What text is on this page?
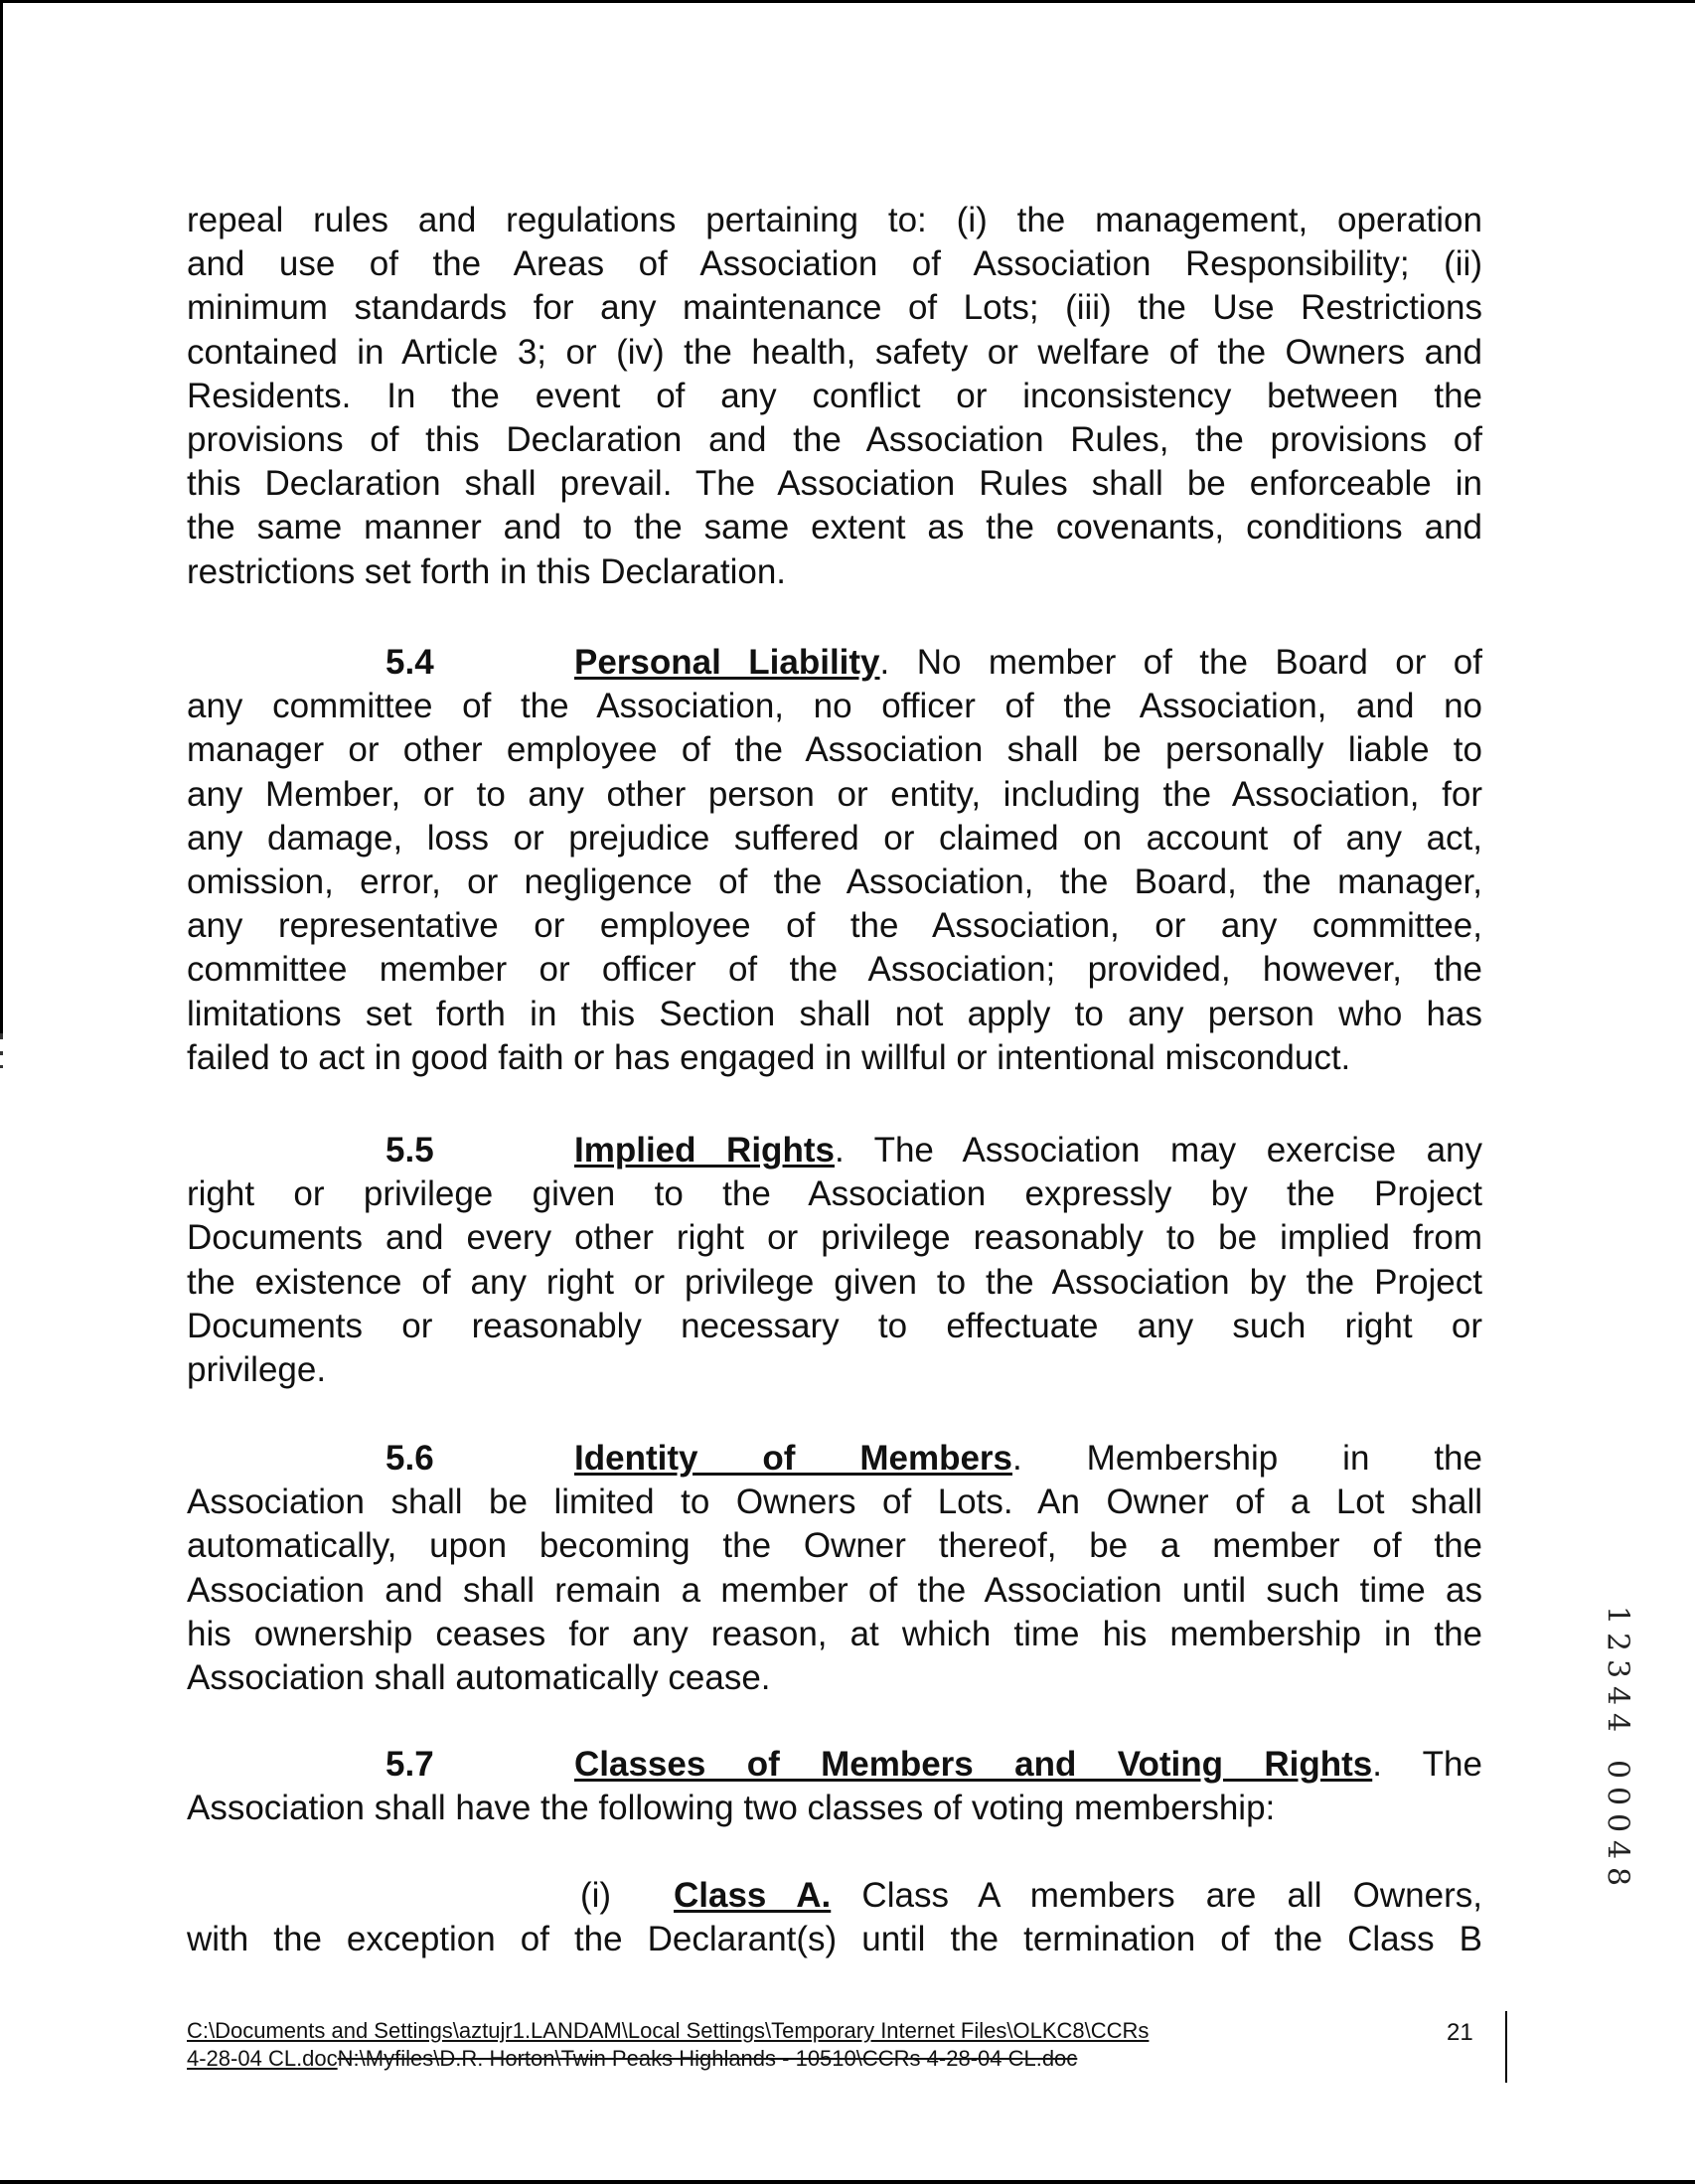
repeal rules and regulations pertaining to: (i) the management, operation
and use of the Areas of Association of Association Responsibility; (ii)
minimum standards for any maintenance of Lots; (iii) the Use Restrictions
contained in Article 3; or (iv) the health, safety or welfare of the Owners and
Residents. In the event of any conflict or inconsistency between the
provisions of this Declaration and the Association Rules, the provisions of
this Declaration shall prevail. The Association Rules shall be enforceable in
the same manner and to the same extent as the covenants, conditions and
restrictions set forth in this Declaration.

5.4	Personal Liability. No member of the Board or of
any committee of the Association, no officer of the Association, and no
manager or other employee of the Association shall be personally liable to
any Member, or to any other person or entity, including the Association, for
any damage, loss or prejudice suffered or claimed on account of any act,
omission, error, or negligence of the Association, the Board, the manager,
any representative or employee of the Association, or any committee,
committee member or officer of the Association; provided, however, the
limitations set forth in this Section shall not apply to any person who has
failed to act in good faith or has engaged in willful or intentional misconduct.

5.5	Implied Rights. The Association may exercise any
right or privilege given to the Association expressly by the Project
Documents and every other right or privilege reasonably to be implied from
the existence of any right or privilege given to the Association by the Project
Documents or reasonably necessary to effectuate any such right or
privilege.

5.6	Identity of Members. Membership in the
Association shall be limited to Owners of Lots. An Owner of a Lot shall
automatically, upon becoming the Owner thereof, be a member of the
Association and shall remain a member of the Association until such time as
his ownership ceases for any reason, at which time his membership in the
Association shall automatically cease.

5.7	Classes of Members and Voting Rights. The
Association shall have the following two classes of voting membership:

(i) Class A. Class A members are all Owners,
with the exception of the Declarant(s) until the termination of the Class B

C:\Documents and Settings\aztujr1.LANDAM\Local Settings\Temporary Internet Files\OLKC8\CCRs
4-28-04 CL.docN:\Myfiles\D.R. Horton\Twin Peaks Highlands - 10510\CCRs 4-28-04 CL.doc
21
1
2
3
4
4
0
0
0
4
8
